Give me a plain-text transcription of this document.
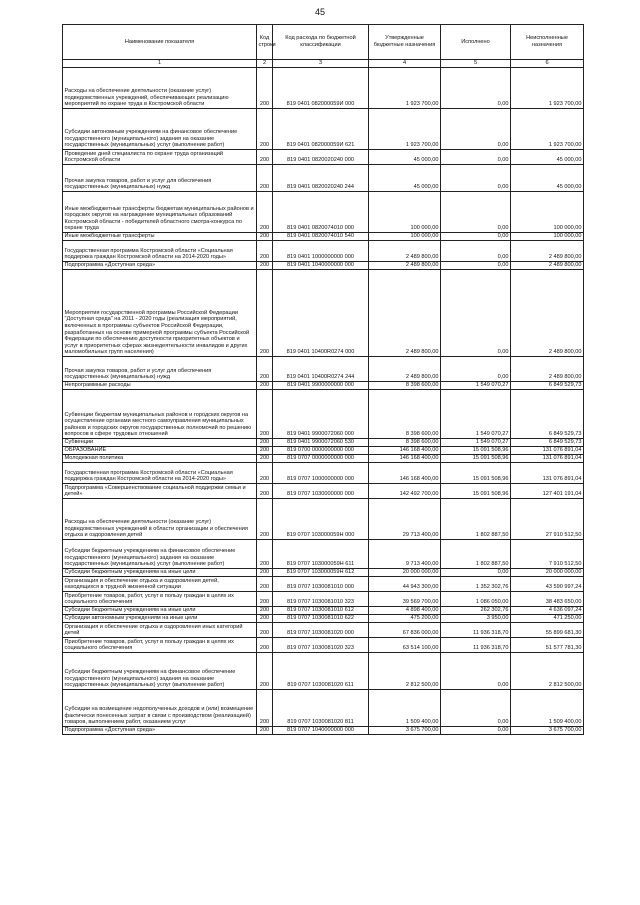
45
Наименование показателя	Код строки	Код расхода по бюджетной классификации	Утвержденные бюджетные назначения	Исполнено	Неисполненные назначения
1	2	3	4	5	6
Расходы на обеспечение деятельности (оказание услуг) подведомственных учреждений, обеспечивающих реализацию мероприятий по охране труда в Костромской области	200	819 0401 082000059И 000	1 923 700,00	0,00	1 923 700,00
Субсидии автономным учреждениям на финансовое обеспечение государственного (муниципального) задания на оказание государственных (муниципальных) услуг (выполнение работ)	200	819 0401 082000059И 621	1 923 700,00	0,00	1 923 700,00
Проведение дней специалиста по охране труда организаций Костромской области	200	819 0401 0820020240 000	45 000,00	0,00	45 000,00
Прочая закупка товаров, работ и услуг для обеспечения государственных (муниципальных) нужд	200	819 0401 0820020240 244	45 000,00	0,00	45 000,00
Иные межбюджетные трансферты бюджетам муниципальных районов и городских округов на награждение муниципальных образований Костромской области - победителей областного смотра-конкурса по охране труда	200	819 0401 0820074010 000	100 000,00	0,00	100 000,00
Иные межбюджетные трансферты	200	819 0401 0820074010 540	100 000,00	0,00	100 000,00
Государственная программа Костромской области «Социальная поддержка граждан Костромской области на 2014-2020 годы»	200	819 0401 1000000000 000	2 489 800,00	0,00	2 489 800,00
Подпрограмма «Доступная среда»	200	819 0401 1040000000 000	2 489 800,00	0,00	2 489 800,00
Мероприятия государственной программы Российской Федерации "Доступная среда" на 2011 - 2020 годы (реализация мероприятий, включенных в программы субъектов Российской Федерации, разработанных на основе примерной программы субъекта Российской Федерации по обеспечению доступности приоритетных объектов и услуг в приоритетных сферах жизнедеятельности инвалидов и других маломобильных групп населения)	200	819 0401 10400R0274 000	2 489 800,00	0,00	2 489 800,00
Прочая закупка товаров, работ и услуг для обеспечения государственных (муниципальных) нужд	200	819 0401 10400R0274 244	2 489 800,00	0,00	2 489 800,00
Непрограммные расходы	200	819 0401 9900000000 000	8 398 600,00	1 549 070,27	6 849 529,73
Субвенции бюджетам муниципальных районов и городских округов на осуществление органами местного самоуправления муниципальных районов и городских округов государственных полномочий по решению вопросов в сфере трудовых отношений	200	819 0401 9900072060 000	8 398 600,00	1 549 070,27	6 849 529,73
Субвенции	200	819 0401 9900072060 530	8 398 600,00	1 549 070,27	6 849 529,73
ОБРАЗОВАНИЕ	200	819 0700 0000000000 000	146 168 400,00	15 091 508,96	131 076 891,04
Молодежная политика	200	819 0707 0000000000 000	146 168 400,00	15 091 508,96	131 076 891,04
Государственная программа Костромской области «Социальная поддержка граждан Костромской области на 2014-2020 годы»	200	819 0707 1000000000 000	146 168 400,00	15 091 508,96	131 076 891,04
Подпрограмма «Совершенствование социальной поддержки семьи и детей»	200	819 0707 1030000000 000	142 492 700,00	15 091 508,96	127 401 191,04
Расходы на обеспечение деятельности (оказание услуг) подведомственных учреждений в области организации и обеспечения отдыха и оздоровления детей	200	819 0707 103000059Н 000	29 713 400,00	1 802 887,50	27 910 512,50
Субсидии бюджетным учреждениям на финансовое обеспечение государственного (муниципального) задания на оказание государственных (муниципальных) услуг (выполнение работ)	200	819 0707 103000059Н 611	9 713 400,00	1 802 887,50	7 910 512,50
Субсидии бюджетным учреждениям на иные цели	200	819 0707 103000059Н 612	20 000 000,00	0,00	20 000 000,00
Организация и обеспечение отдыха и оздоровления детей, находящихся в трудной жизненной ситуации	200	819 0707 1030081010 000	44 943 300,00	1 352 302,76	43 590 997,24
Приобретение товаров, работ, услуг в пользу граждан в целях их социального обеспечения	200	819 0707 1030081010 323	39 569 700,00	1 086 050,00	38 483 650,00
Субсидии бюджетным учреждениям на иные цели	200	819 0707 1030081010 612	4 898 400,00	262 302,76	4 636 097,24
Субсидии автономным учреждениям на иные цели	200	819 0707 1030081010 622	475 200,00	3 950,00	471 250,00
Организация и обеспечение отдыха и оздоровления иных категорий детей	200	819 0707 1030081020 000	67 836 000,00	11 936 318,70	55 899 681,30
Приобретение товаров, работ, услуг в пользу граждан в целях их социального обеспечения	200	819 0707 1030081020 323	63 514 100,00	11 936 318,70	51 577 781,30
Субсидии бюджетным учреждениям на финансовое обеспечение государственного (муниципального) задания на оказание государственных (муниципальных) услуг (выполнение работ)	200	819 0707 1030081020 611	2 812 500,00	0,00	2 812 500,00
Субсидии на возмещение недополученных доходов и (или) возмещение фактически понесенных затрат в связи с производством (реализацией) товаров, выполнением работ, оказанием услуг	200	819 0707 1030081020 811	1 509 400,00	0,00	1 509 400,00
Подпрограмма «Доступная среда»	200	819 0707 1040000000 000	3 675 700,00	0,00	3 675 700,00
